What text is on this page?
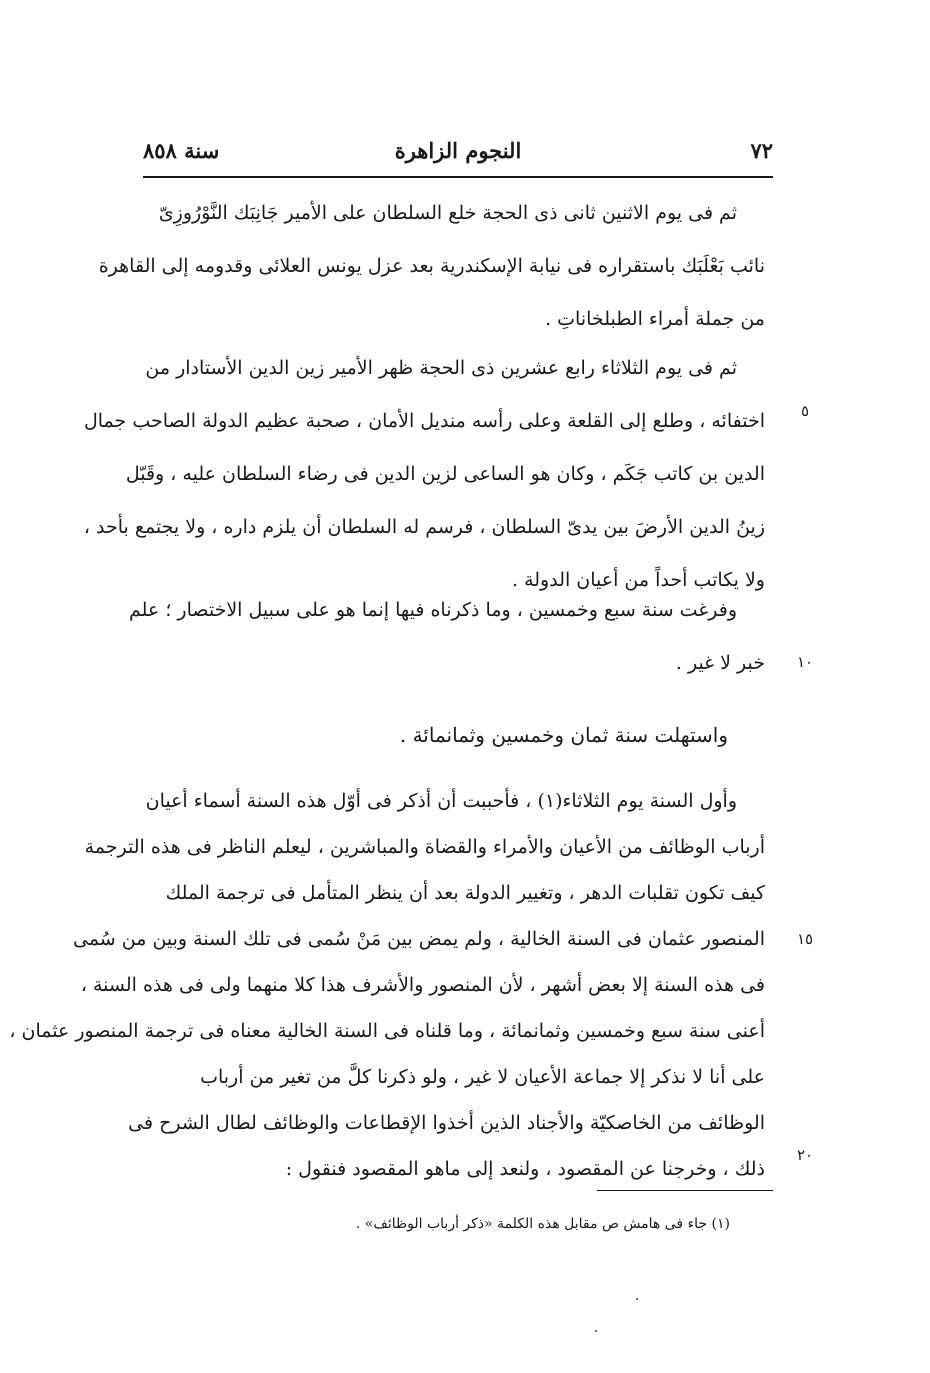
٧٢
النجوم الزاهرة
سنة ٨٥٨
ثم فى يوم الاثنين ثانى ذى الحجة خلع السلطان على الأمير جَانِبَك النَّوْرُوزِىّ
نائب بَعْلَبَك باستقراره فى نيابة الإسكندرية بعد عزل يونس العلائى وقدومه إلى القاهرة
من جملة أمراء الطبلخاناتِ .
ثم فى يوم الثلاثاء رابع عشرين ذى الحجة ظهر الأمير زين الدين الأستادار من
اختفائه ، وطلع إلى القلعة وعلى رأسه منديل الأمان ، صحبة عظيم الدولة الصاحب جمال
الدين بن كاتب جَكَم ، وكان هو الساعى لزين الدين فى رضاء السلطان عليه ، وقَبّل
زينُ الدين الأرضَ بين يدىّ السلطان ، فرسم له السلطان أن يلزم داره ، ولا يجتمع بأحد ،
ولا يكاتب أحداً من أعيان الدولة .
وفرغت سنة سبع وخمسين ، وما ذكرناه فيها إنما هو على سبيل الاختصار ؛ علم
خبر لا غير .
واستهلت سنة ثمان وخمسين وثمانمائة .
وأول السنة يوم الثلاثاء(١) ، فأحببت أن أذكر فى أوّل هذه السنة أسماء أعيان
أرباب الوظائف من الأعيان والأمراء والقضاة والمباشرين ، ليعلم الناظر فى هذه الترجمة
كيف تكون تقلبات الدهر ، وتغيير الدولة بعد أن ينظر المتأمل فى ترجمة الملك
المنصور عثمان فى السنة الخالية ، ولم يمض بين مَنْ سُمى فى تلك السنة وبين من سُمى
فى هذه السنة إلا بعض أشهر ، لأن المنصور والأشرف هذا كلا منهما ولى فى هذه السنة ،
أعنى سنة سبع وخمسين وثمانمائة ، وما قلناه فى السنة الخالية معناه فى ترجمة المنصور عثمان ،
على أنا لا نذكر إلا جماعة الأعيان لا غير ، ولو ذكرنا كلَّ من تغير من أرباب
الوظائف من الخاصكيّة والأجناد الذين أخذوا الإقطاعات والوظائف لطال الشرح فى
ذلك ، وخرجنا عن المقصود ، ولنعد إلى ماهو المقصود فنقول :
٥
١٠
١٥
٢٠
(١) جاء فى هامش ص مقابل هذه الكلمة «ذكر أرباب الوظائف» .
